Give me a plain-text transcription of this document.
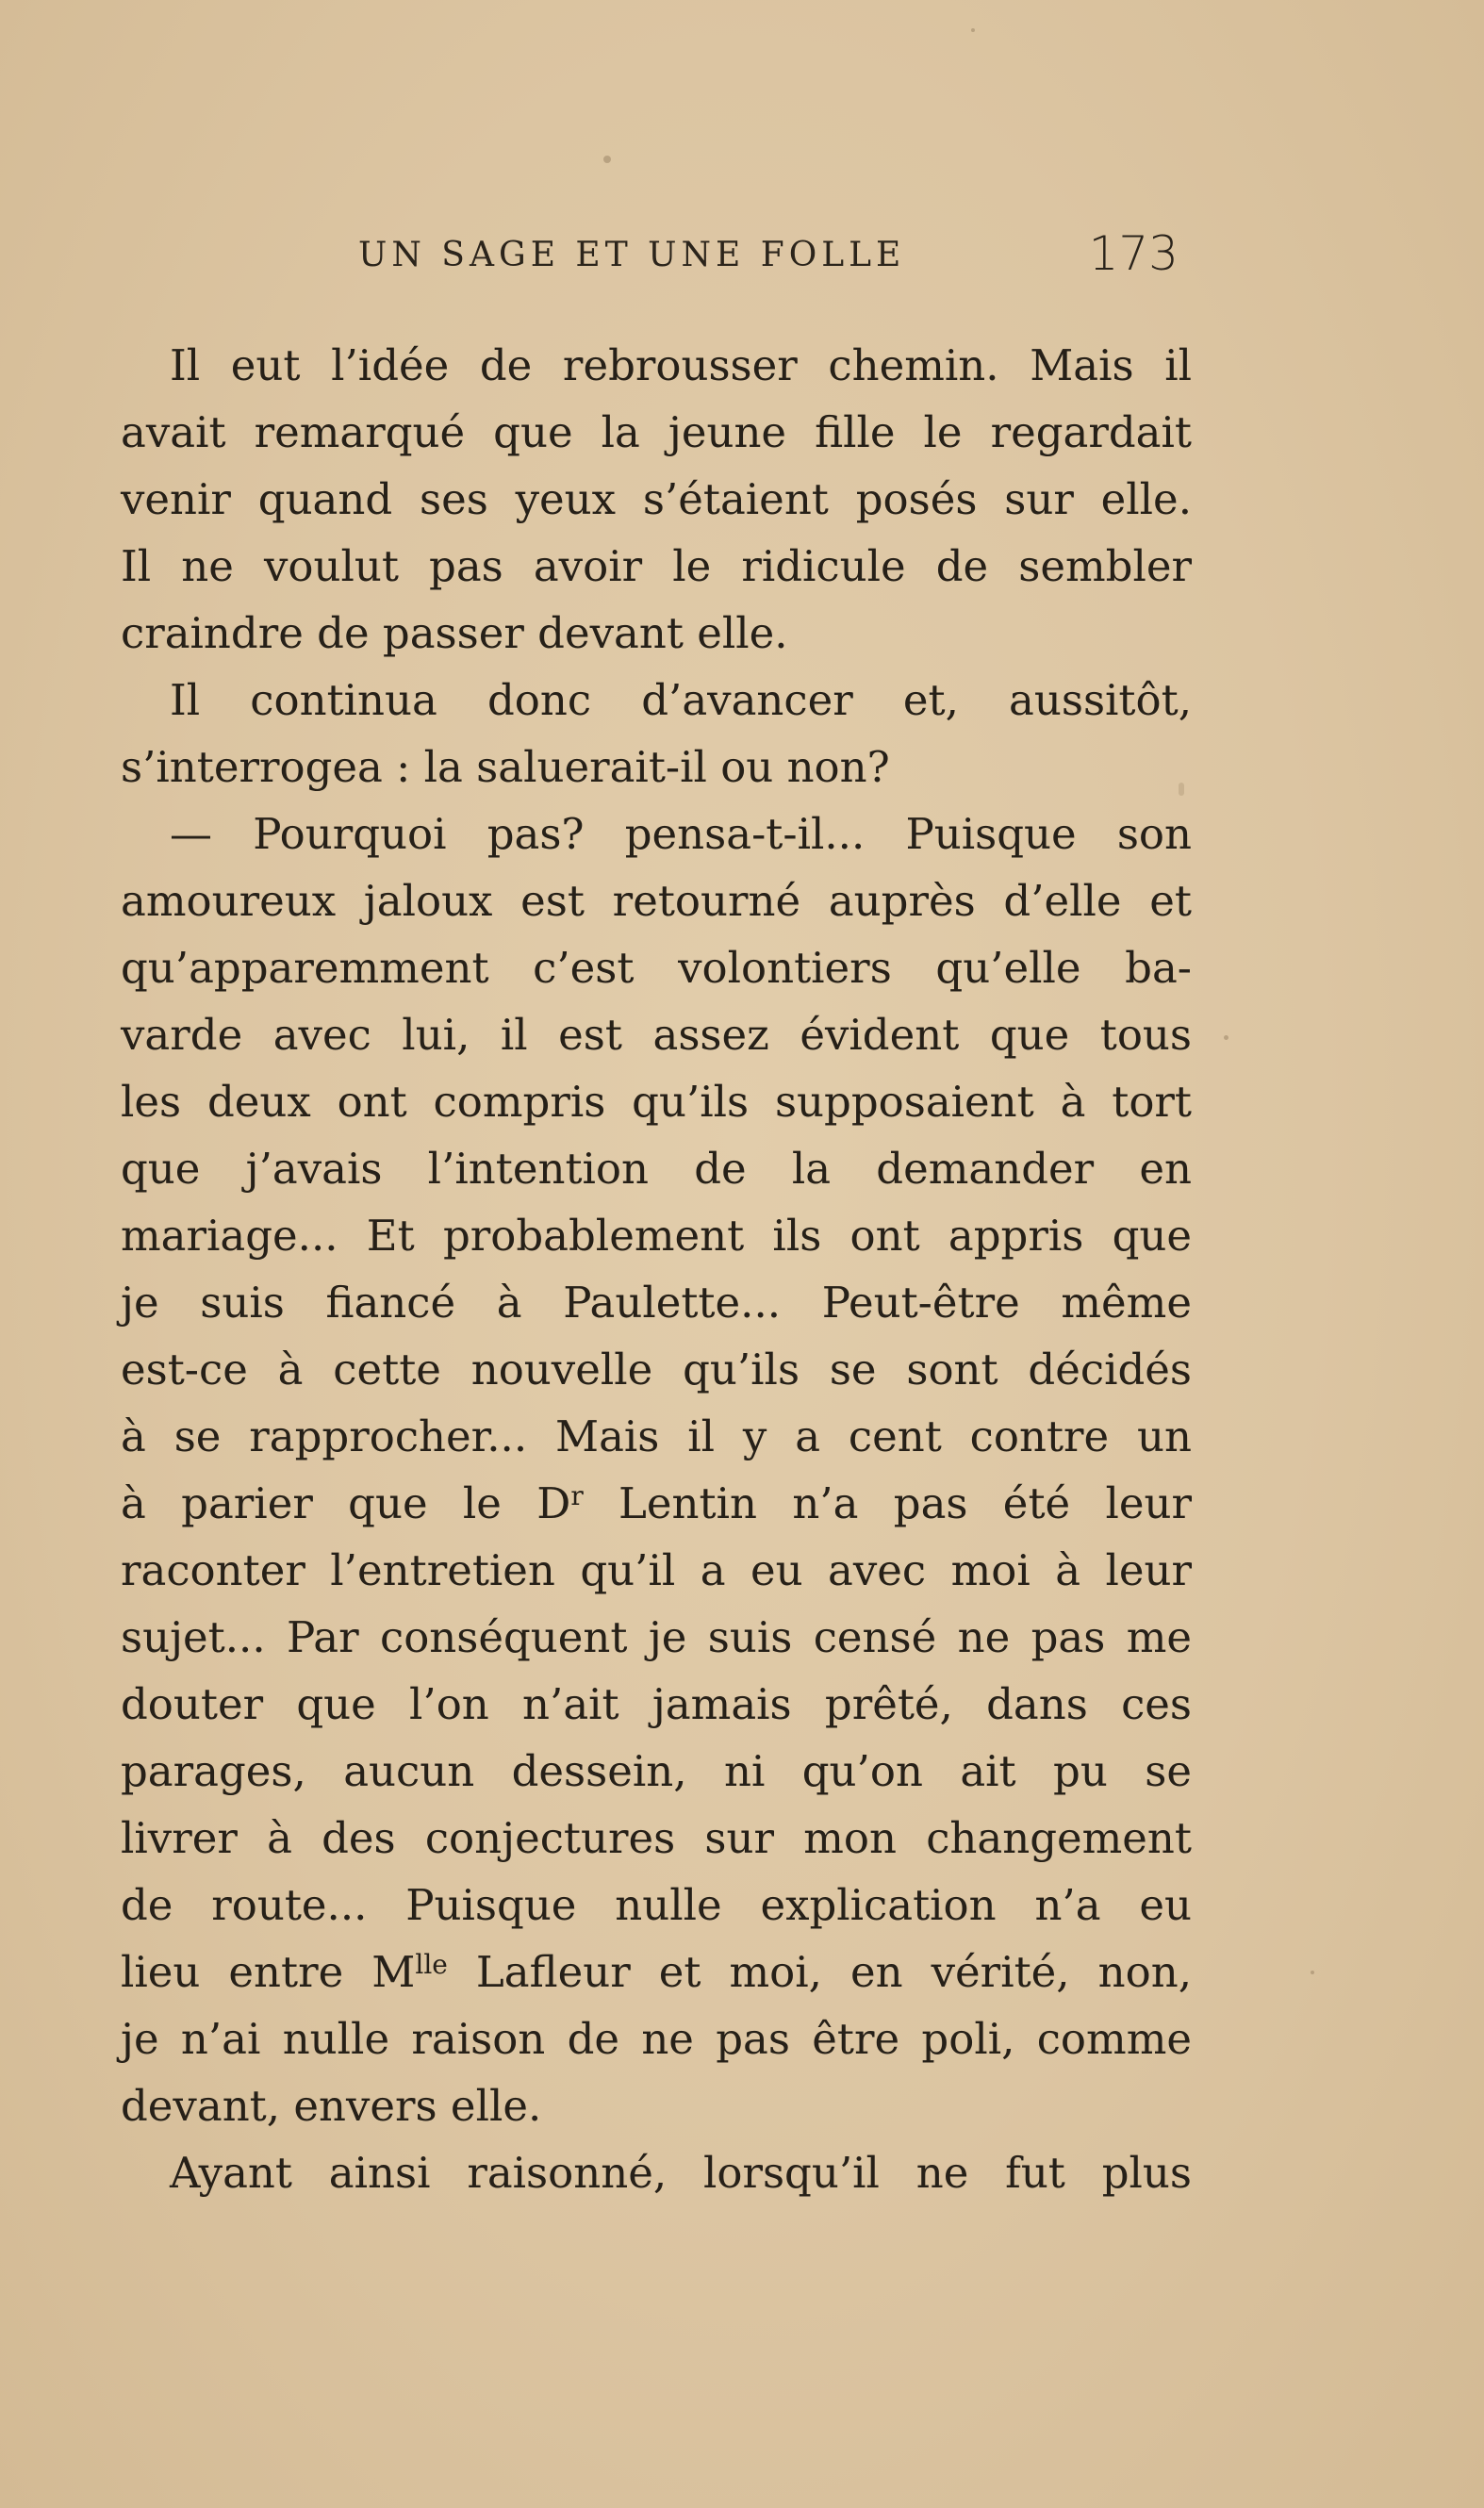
UN SAGE ET UNE FOLLE	173
Il eut l’idée de rebrousser chemin. Mais il
avait remarqué que la jeune fille le regardait
venir quand ses yeux s’étaient posés sur elle.
Il ne voulut pas avoir le ridicule de sembler
craindre de passer devant elle.
Il continua donc d’avancer et, aussitôt,
s’interrogea : la saluerait-il ou non?
— Pourquoi pas? pensa-t-il... Puisque son
amoureux jaloux est retourné auprès d’elle et
qu’apparemment c’est volontiers qu’elle ba-
varde avec lui, il est assez évident que tous
les deux ont compris qu’ils supposaient à tort
que j’avais l’intention de la demander en
mariage... Et probablement ils ont appris que
je suis fiancé à Paulette... Peut-être même
est-ce à cette nouvelle qu’ils se sont décidés
à se rapprocher... Mais il y a cent contre un
à parier que le $D^r$ Lentin n’a pas été leur
raconter l’entretien qu’il a eu avec moi à leur
sujet... Par conséquent je suis censé ne pas me
douter que l’on n’ait jamais prêté, dans ces
parages, aucun dessein, ni qu’on ait pu se
livrer à des conjectures sur mon changement
de route... Puisque nulle explication n’a eu
lieu entre $M^{lle}$ Lafleur et moi, en vérité, non,
je n’ai nulle raison de ne pas être poli, comme
devant, envers elle.
Ayant ainsi raisonné, lorsqu’il ne fut plus
